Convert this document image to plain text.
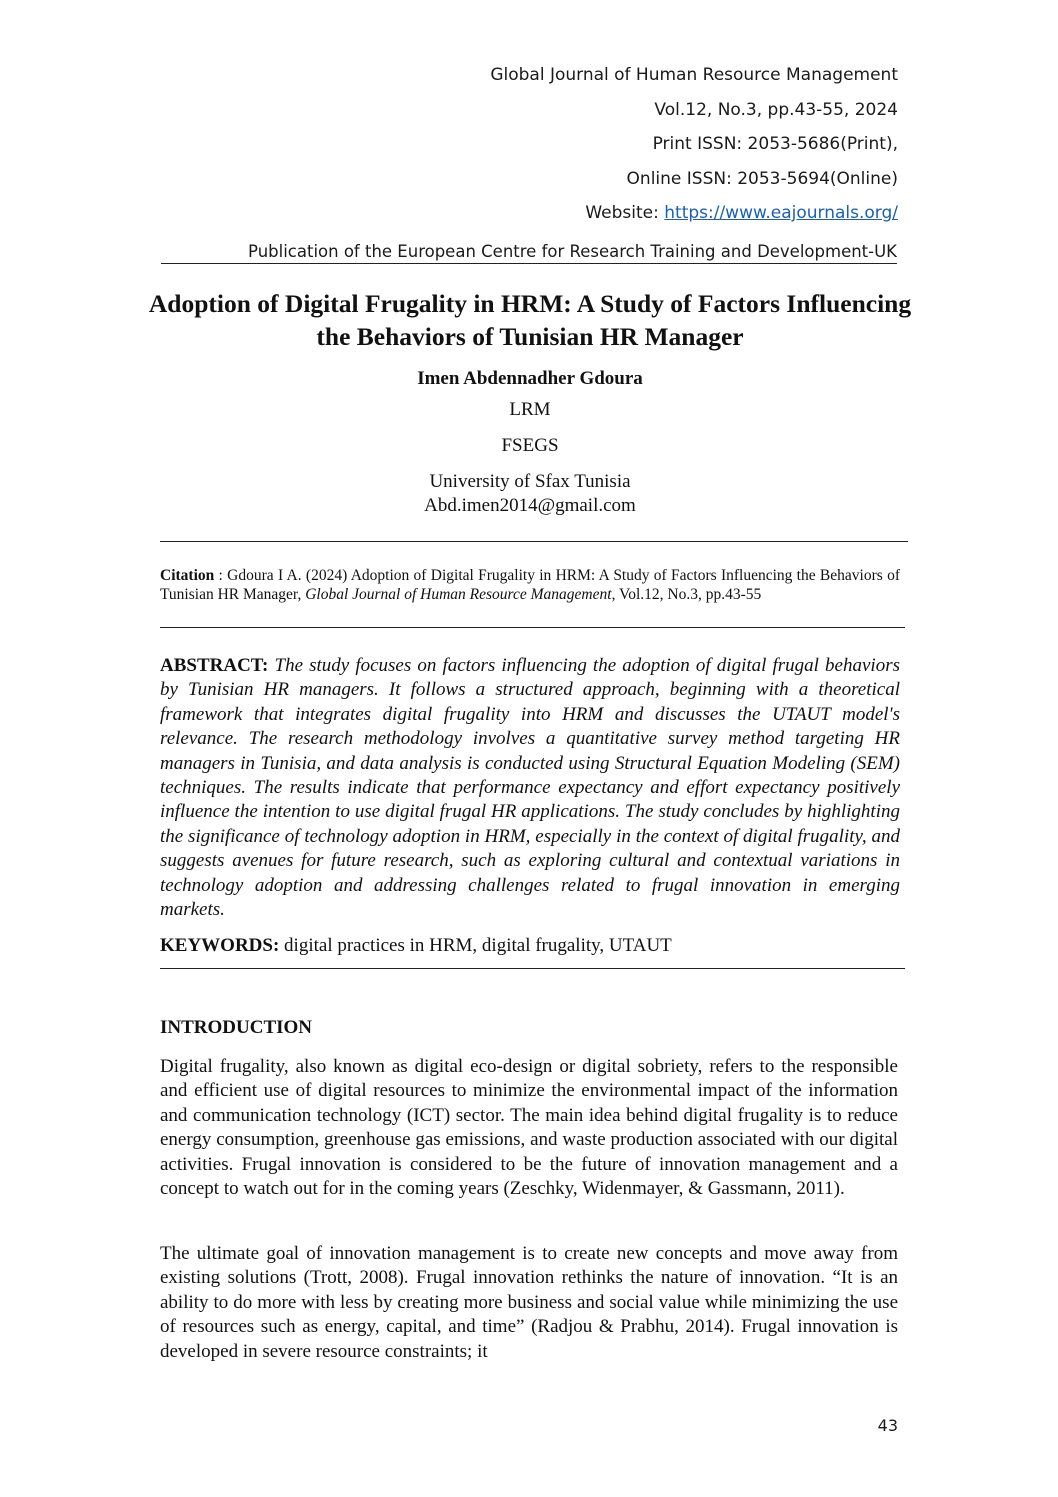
Global Journal of Human Resource Management
Vol.12, No.3, pp.43-55, 2024
Print ISSN: 2053-5686(Print),
Online ISSN: 2053-5694(Online)
Website: https://www.eajournals.org/
Publication of the European Centre for Research Training and Development-UK
Adoption of Digital Frugality in HRM: A Study of Factors Influencing the Behaviors of Tunisian HR Manager
Imen Abdennadher Gdoura
LRM
FSEGS
University of Sfax Tunisia
Abd.imen2014@gmail.com
Citation : Gdoura I A. (2024) Adoption of Digital Frugality in HRM: A Study of Factors Influencing the Behaviors of Tunisian HR Manager, Global Journal of Human Resource Management, Vol.12, No.3, pp.43-55
ABSTRACT: The study focuses on factors influencing the adoption of digital frugal behaviors by Tunisian HR managers. It follows a structured approach, beginning with a theoretical framework that integrates digital frugality into HRM and discusses the UTAUT model's relevance. The research methodology involves a quantitative survey method targeting HR managers in Tunisia, and data analysis is conducted using Structural Equation Modeling (SEM) techniques. The results indicate that performance expectancy and effort expectancy positively influence the intention to use digital frugal HR applications. The study concludes by highlighting the significance of technology adoption in HRM, especially in the context of digital frugality, and suggests avenues for future research, such as exploring cultural and contextual variations in technology adoption and addressing challenges related to frugal innovation in emerging markets.
KEYWORDS: digital practices in HRM, digital frugality, UTAUT
INTRODUCTION

Digital frugality, also known as digital eco-design or digital sobriety, refers to the responsible and efficient use of digital resources to minimize the environmental impact of the information and communication technology (ICT) sector. The main idea behind digital frugality is to reduce energy consumption, greenhouse gas emissions, and waste production associated with our digital activities. Frugal innovation is considered to be the future of innovation management and a concept to watch out for in the coming years (Zeschky, Widenmayer, & Gassmann, 2011).

The ultimate goal of innovation management is to create new concepts and move away from existing solutions (Trott, 2008). Frugal innovation rethinks the nature of innovation. “It is an ability to do more with less by creating more business and social value while minimizing the use of resources such as energy, capital, and time” (Radjou & Prabhu, 2014). Frugal innovation is developed in severe resource constraints; it

43
